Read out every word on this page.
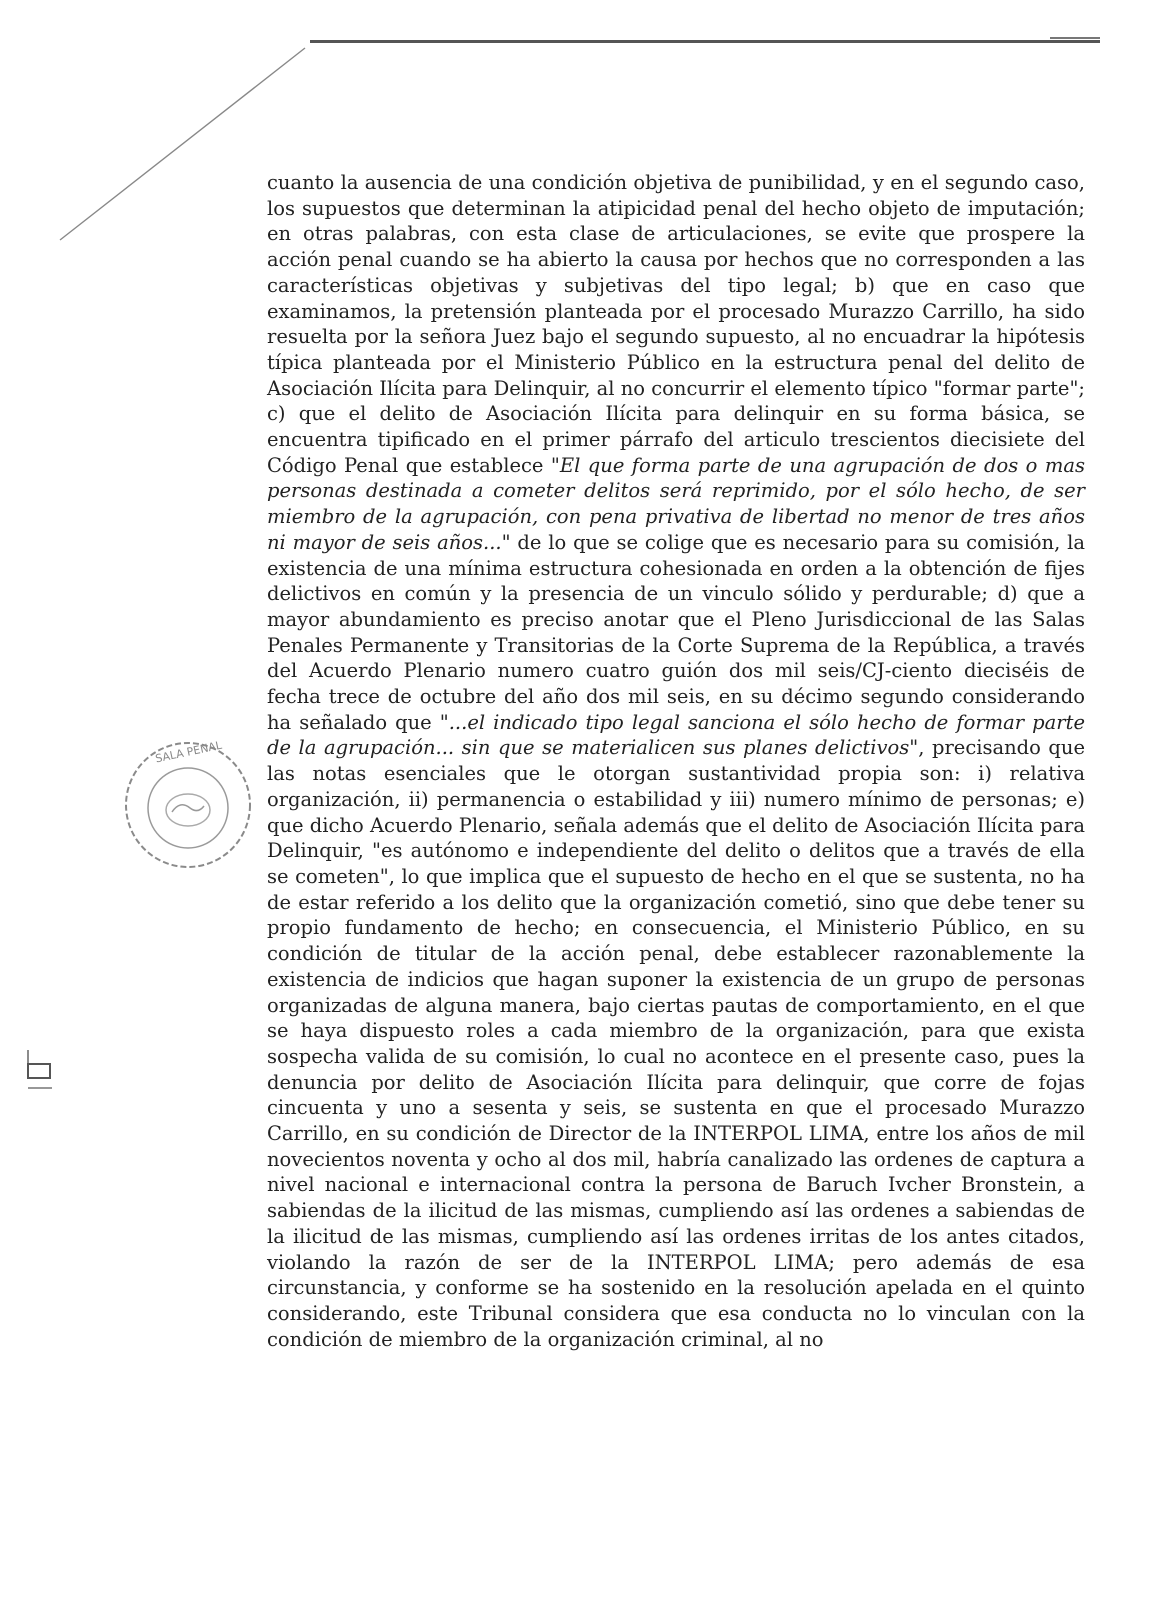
cuanto la ausencia de una condición objetiva de punibilidad, y en el segundo caso, los supuestos que determinan la atipicidad penal del hecho objeto de imputación; en otras palabras, con esta clase de articulaciones, se evite que prospere la acción penal cuando se ha abierto la causa por hechos que no corresponden a las características objetivas y subjetivas del tipo legal; b) que en caso que examinamos, la pretensión planteada por el procesado Murazzo Carrillo, ha sido resuelta por la señora Juez bajo el segundo supuesto, al no encuadrar la hipótesis típica planteada por el Ministerio Público en la estructura penal del delito de Asociación Ilícita para Delinquir, al no concurrir el elemento típico "formar parte"; c) que el delito de Asociación Ilícita para delinquir en su forma básica, se encuentra tipificado en el primer párrafo del articulo trescientos diecisiete del Código Penal que establece "El que forma parte de una agrupación de dos o mas personas destinada a cometer delitos será reprimido, por el sólo hecho, de ser miembro de la agrupación, con pena privativa de libertad no menor de tres años ni mayor de seis años..." de lo que se colige que es necesario para su comisión, la existencia de una mínima estructura cohesionada en orden a la obtención de fijes delictivos en común y la presencia de un vinculo sólido y perdurable; d) que a mayor abundamiento es preciso anotar que el Pleno Jurisdiccional de las Salas Penales Permanente y Transitorias de la Corte Suprema de la República, a través del Acuerdo Plenario numero cuatro guión dos mil seis/CJ-ciento dieciséis de fecha trece de octubre del año dos mil seis, en su décimo segundo considerando ha señalado que "...el indicado tipo legal sanciona el sólo hecho de formar parte de la agrupación... sin que se materialicen sus planes delictivos", precisando que las notas esenciales que le otorgan sustantividad propia son: i) relativa organización, ii) permanencia o estabilidad y iii) numero mínimo de personas; e) que dicho Acuerdo Plenario, señala además que el delito de Asociación Ilícita para Delinquir, "es autónomo e independiente del delito o delitos que a través de ella se cometen", lo que implica que el supuesto de hecho en el que se sustenta, no ha de estar referido a los delito que la organización cometió, sino que debe tener su propio fundamento de hecho; en consecuencia, el Ministerio Público, en su condición de titular de la acción penal, debe establecer razonablemente la existencia de indicios que hagan suponer la existencia de un grupo de personas organizadas de alguna manera, bajo ciertas pautas de comportamiento, en el que se haya dispuesto roles a cada miembro de la organización, para que exista sospecha valida de su comisión, lo cual no acontece en el presente caso, pues la denuncia por delito de Asociación Ilícita para delinquir, que corre de fojas cincuenta y uno a sesenta y seis, se sustenta en que el procesado Murazzo Carrillo, en su condición de Director de la INTERPOL LIMA, entre los años de mil novecientos noventa y ocho al dos mil, habría canalizado las ordenes de captura a nivel nacional e internacional contra la persona de Baruch Ivcher Bronstein, a sabiendas de la ilicitud de las mismas, cumpliendo así las ordenes a sabiendas de la ilicitud de las mismas, cumpliendo así las ordenes irritas de los antes citados, violando la razón de ser de la INTERPOL LIMA; pero además de esa circunstancia, y conforme se ha sostenido en la resolución apelada en el quinto considerando, este Tribunal considera que esa conducta no lo vinculan con la condición de miembro de la organización criminal, al no

SALA PENAL
